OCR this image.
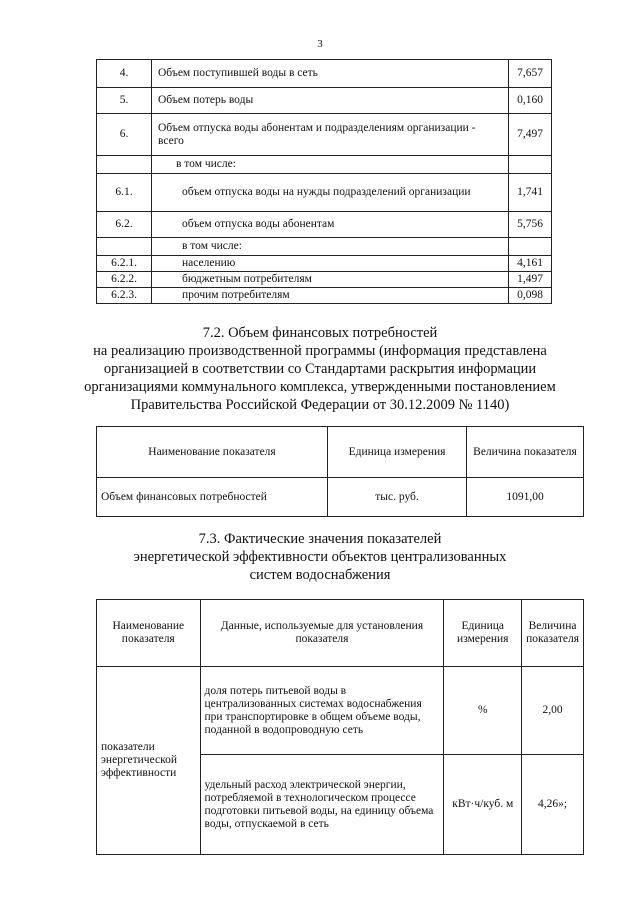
3
4.	Объем поступившей воды в сеть	7,657
5.	Объем потерь воды	0,160
6.	Объем отпуска воды абонентам и подразделениям организации - всего	7,497
	в том числе:	
6.1.	объем отпуска воды на нужды подразделений организации	1,741
6.2.	объем отпуска воды абонентам	5,756
	в том числе:	
6.2.1.	населению	4,161
6.2.2.	бюджетным потребителям	1,497
6.2.3.	прочим потребителям	0,098
7.2. Объем финансовых потребностей
на реализацию производственной программы (информация представлена
организацией в соответствии со Стандартами раскрытия информации
организациями коммунального комплекса, утвержденными постановлением
Правительства Российской Федерации от 30.12.2009 № 1140)
Наименование показателя	Единица измерения	Величина показателя
Объем финансовых потребностей	тыс. руб.	1091,00
7.3. Фактические значения показателей
энергетической эффективности объектов централизованных
систем водоснабжения
Наименование показателя	Данные, используемые для установления показателя	Единица измерения	Величина показателя
показатели энергетической эффективности	доля потерь питьевой воды в централизованных системах водоснабжения при транспортировке в общем объеме воды, поданной в водопроводную сеть	%	2,00
	удельный расход электрической энергии, потребляемой в технологическом процессе подготовки питьевой воды, на единицу объема воды, отпускаемой в сеть	кВт·ч/куб. м	4,26»;
